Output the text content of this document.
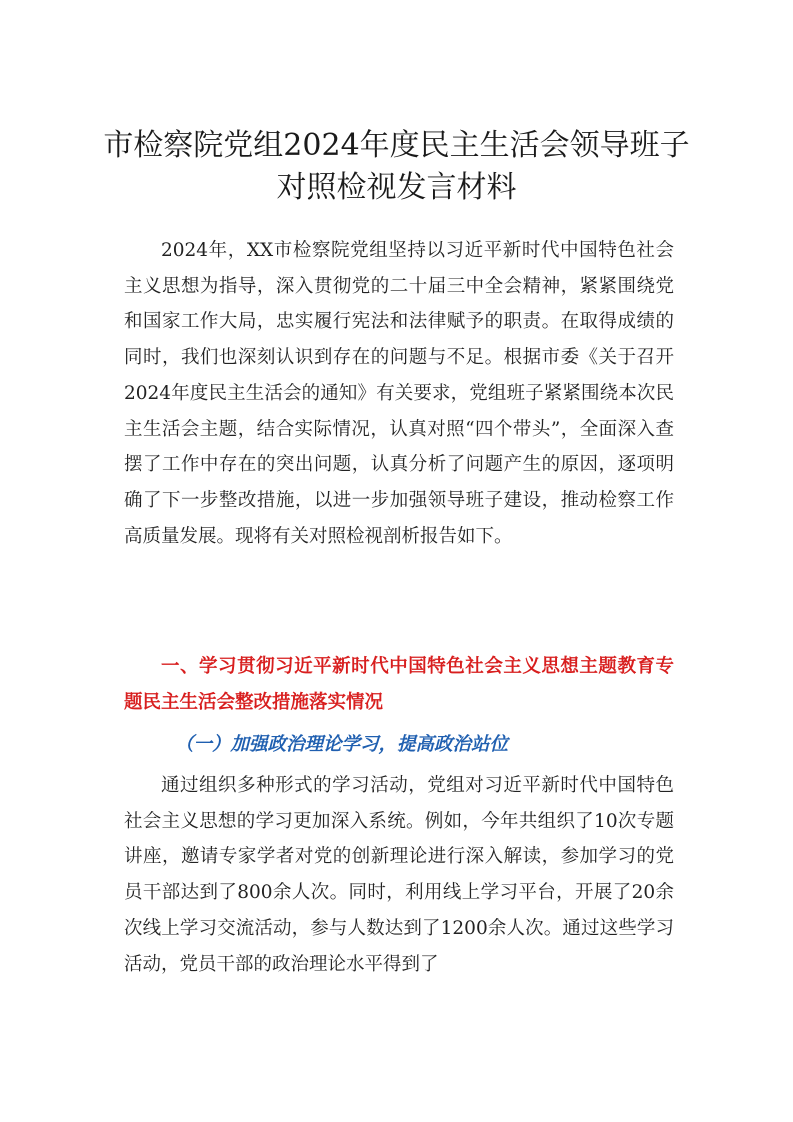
市检察院党组2024年度民主生活会领导班子
对照检视发言材料

2024年，XX市检察院党组坚持以习近平新时代中国特色社会主义思想为指导，深入贯彻党的二十届三中全会精神，紧紧围绕党和国家工作大局，忠实履行宪法和法律赋予的职责。在取得成绩的同时，我们也深刻认识到存在的问题与不足。根据市委《关于召开2024年度民主生活会的通知》有关要求，党组班子紧紧围绕本次民主生活会主题，结合实际情况，认真对照“四个带头”，全面深入查摆了工作中存在的突出问题，认真分析了问题产生的原因，逐项明确了下一步整改措施，以进一步加强领导班子建设，推动检察工作高质量发展。现将有关对照检视剖析报告如下。

一、学习贯彻习近平新时代中国特色社会主义思想主题教育专题民主生活会整改措施落实情况
（一）加强政治理论学习，提高政治站位

通过组织多种形式的学习活动，党组对习近平新时代中国特色社会主义思想的学习更加深入系统。例如，今年共组织了10次专题讲座，邀请专家学者对党的创新理论进行深入解读，参加学习的党员干部达到了800余人次。同时，利用线上学习平台，开展了20余次线上学习交流活动，参与人数达到了1200余人次。通过这些学习活动，党员干部的政治理论水平得到了
